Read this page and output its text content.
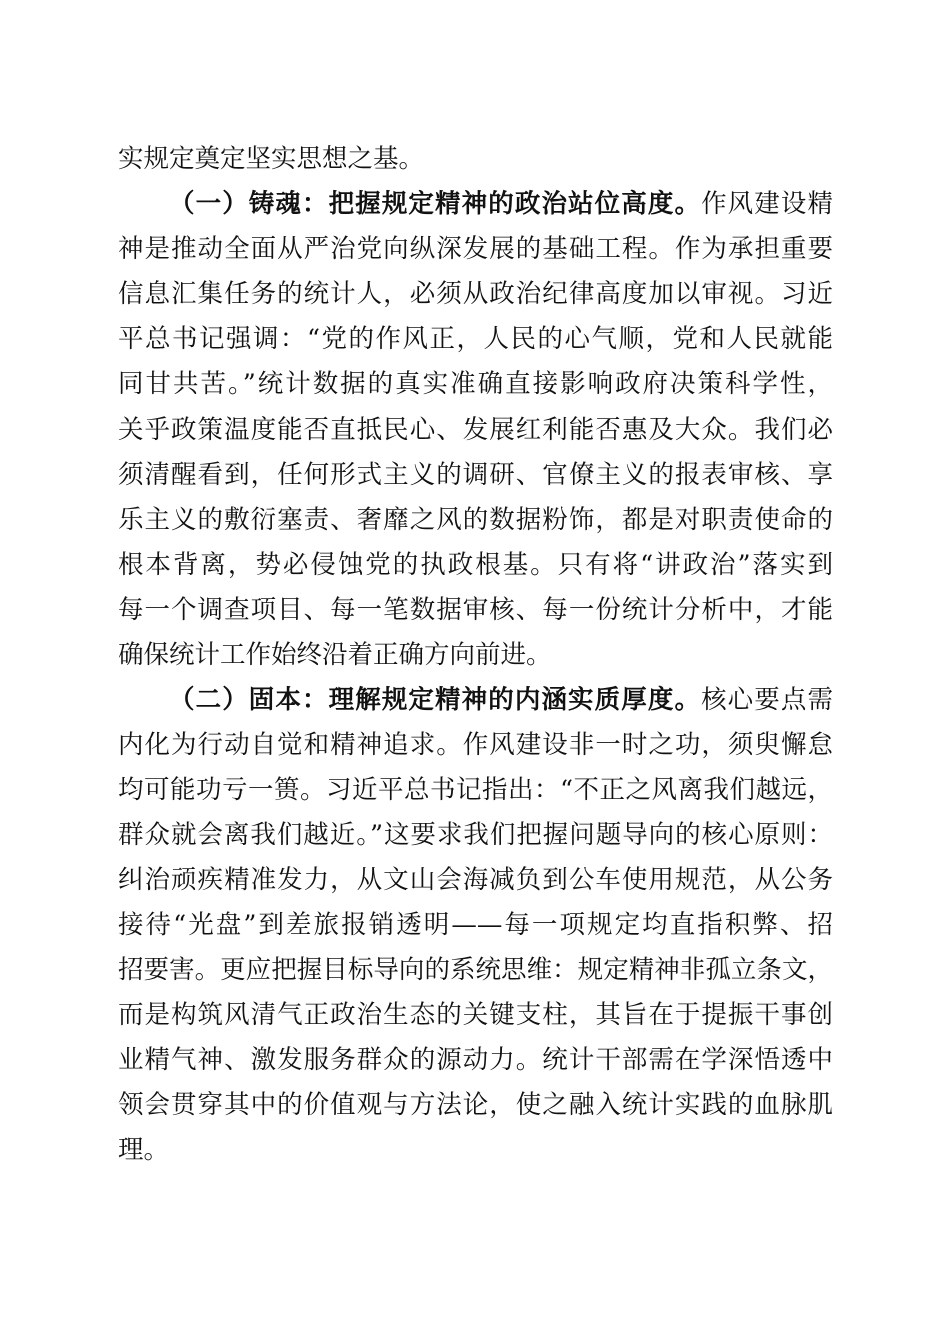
实规定奠定坚实思想之基。
（一）铸魂：把握规定精神的政治站位高度。作风建设精
神是推动全面从严治党向纵深发展的基础工程。作为承担重要
信息汇集任务的统计人，必须从政治纪律高度加以审视。习近
平总书记强调：“党的作风正，人民的心气顺，党和人民就能
同甘共苦。”统计数据的真实准确直接影响政府决策科学性，
关乎政策温度能否直抵民心、发展红利能否惠及大众。我们必
须清醒看到，任何形式主义的调研、官僚主义的报表审核、享
乐主义的敷衍塞责、奢靡之风的数据粉饰，都是对职责使命的
根本背离，势必侵蚀党的执政根基。只有将“讲政治”落实到
每一个调查项目、每一笔数据审核、每一份统计分析中，才能
确保统计工作始终沿着正确方向前进。
（二）固本：理解规定精神的内涵实质厚度。核心要点需
内化为行动自觉和精神追求。作风建设非一时之功，须臾懈怠
均可能功亏一篑。习近平总书记指出：“不正之风离我们越远，
群众就会离我们越近。”这要求我们把握问题导向的核心原则：
纠治顽疾精准发力，从文山会海减负到公车使用规范，从公务
接待“光盘”到差旅报销透明——每一项规定均直指积弊、招
招要害。更应把握目标导向的系统思维：规定精神非孤立条文，
而是构筑风清气正政治生态的关键支柱，其旨在于提振干事创
业精气神、激发服务群众的源动力。统计干部需在学深悟透中
领会贯穿其中的价值观与方法论，使之融入统计实践的血脉肌
理。
